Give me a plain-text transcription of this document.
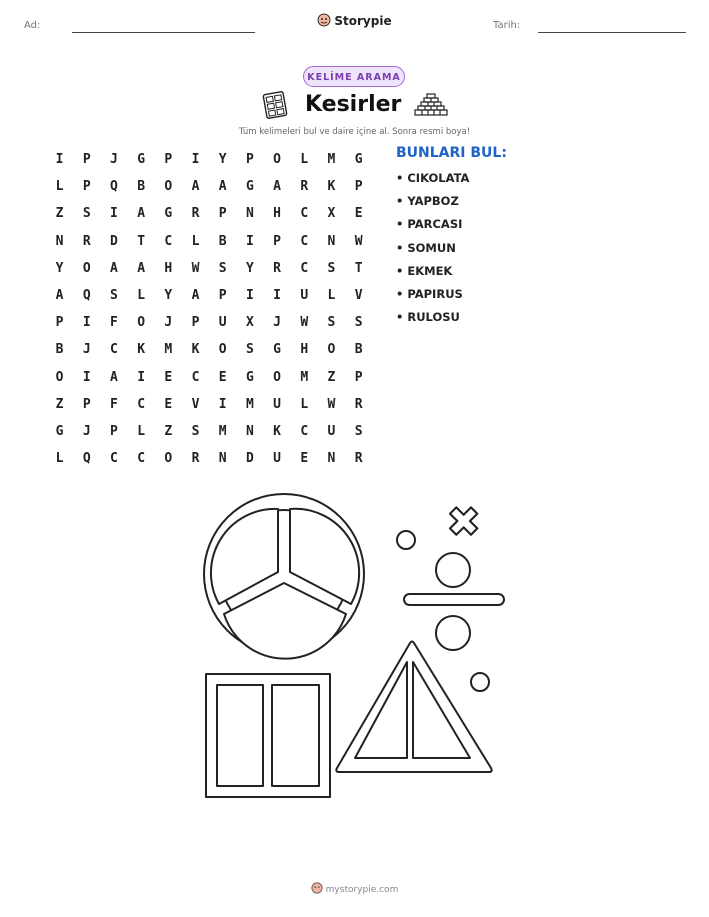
Ad:	Storypie	Tarih:
KELİME ARAMA
Kesirler
Tüm kelimeleri bul ve daire içine al. Sonra resmi boya!
I	P	J	G	P	I	Y	P	O	L	M	G
L	P	Q	B	O	A	A	G	A	R	K	P
Z	S	I	A	G	R	P	N	H	C	X	E
N	R	D	T	C	L	B	I	P	C	N	W
Y	O	A	A	H	W	S	Y	R	C	S	T
A	Q	S	L	Y	A	P	I	I	U	L	V
P	I	F	O	J	P	U	X	J	W	S	S
B	J	C	K	M	K	O	S	G	H	O	B
O	I	A	I	E	C	E	G	O	M	Z	P
Z	P	F	C	E	V	I	M	U	L	W	R
G	J	P	L	Z	S	M	N	K	C	U	S
L	Q	C	C	O	R	N	D	U	E	N	R
BUNLARI BUL:
• CIKOLATA
• YAPBOZ
• PARCASI
• SOMUN
• EKMEK
• PAPIRUS
• RULOSU
mystorypie.com
